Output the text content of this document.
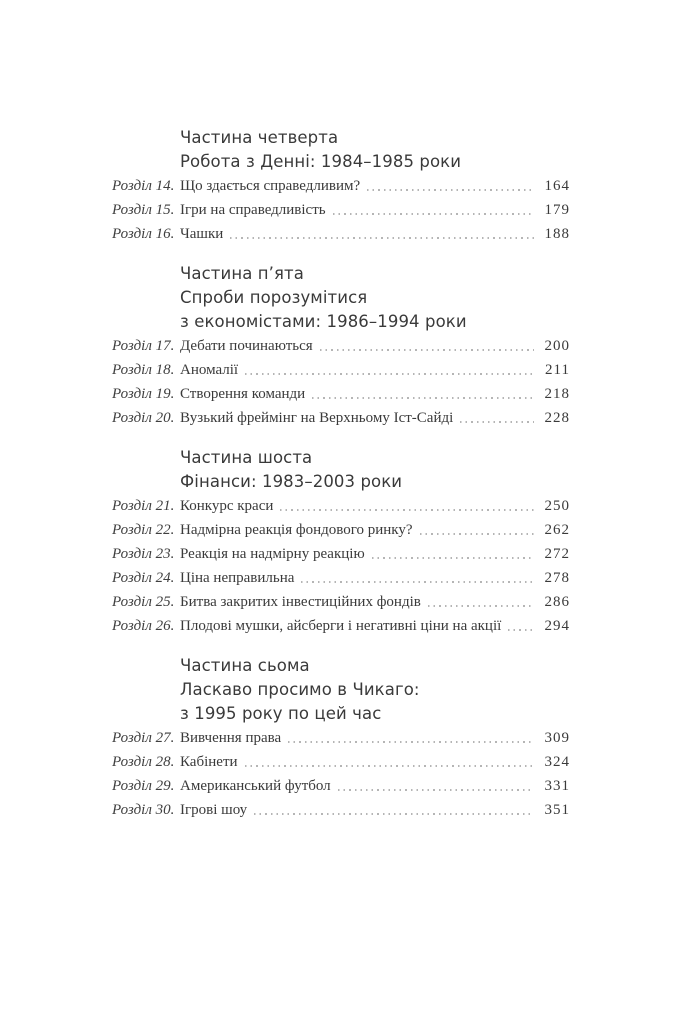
Частина четверта
Робота з Денні: 1984–1985 роки
Розділ 14. Що здається справедливим?	164
Розділ 15. Ігри на справедливість	179
Розділ 16. Чашки	188
Частина п’ята
Спроби порозумітися
з економістами: 1986–1994 роки
Розділ 17. Дебати починаються	200
Розділ 18. Аномалії	211
Розділ 19. Створення команди	218
Розділ 20. Вузький фреймінг на Верхньому Іст-Сайді	228
Частина шоста
Фінанси: 1983–2003 роки
Розділ 21. Конкурс краси	250
Розділ 22. Надмірна реакція фондового ринку?	262
Розділ 23. Реакція на надмірну реакцію	272
Розділ 24. Ціна неправильна	278
Розділ 25. Битва закритих інвестиційних фондів	286
Розділ 26. Плодові мушки, айсберги і негативні ціни на акції	294
Частина сьома
Ласкаво просимо в Чикаго:
з 1995 року по цей час
Розділ 27. Вивчення права	309
Розділ 28. Кабінети	324
Розділ 29. Американський футбол	331
Розділ 30. Ігрові шоу	351
